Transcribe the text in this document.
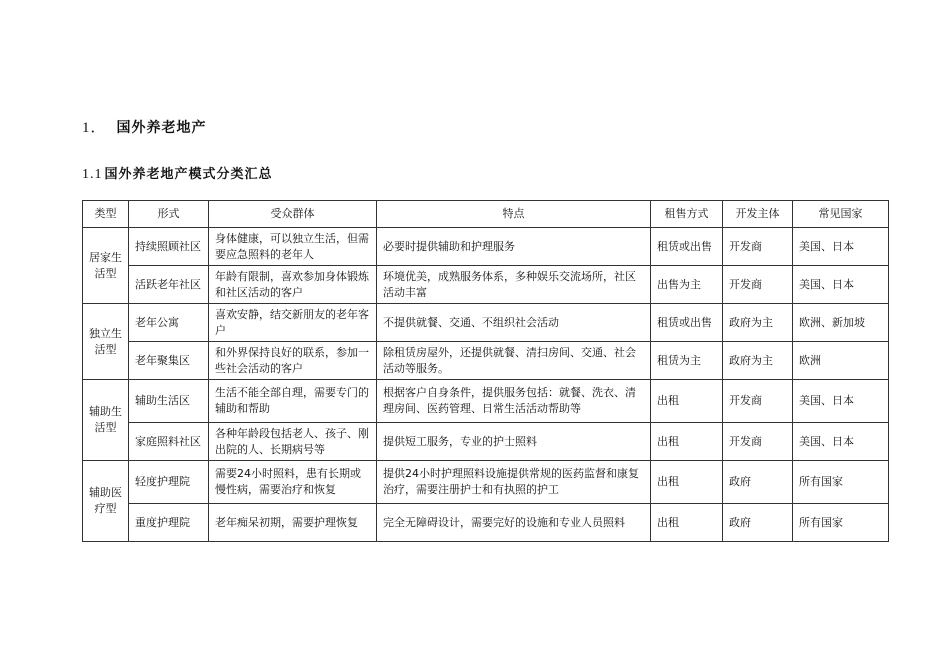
1． 国外养老地产
1.1 国外养老地产模式分类汇总
类型	形式	受众群体	特点	租售方式	开发主体	常见国家
居家生活型	持续照顾社区	身体健康，可以独立生活，但需要应急照料的老年人	必要时提供辅助和护理服务	租赁或出售	开发商	美国、日本
	活跃老年社区	年龄有限制，喜欢参加身体锻炼和社区活动的客户	环境优美，成熟服务体系，多种娱乐交流场所，社区活动丰富	出售为主	开发商	美国、日本
独立生活型	老年公寓	喜欢安静，结交新朋友的老年客户	不提供就餐、交通、不组织社会活动	租赁或出售	政府为主	欧洲、新加坡
	老年聚集区	和外界保持良好的联系，参加一些社会活动的客户	除租赁房屋外，还提供就餐、清扫房间、交通、社会活动等服务。	租赁为主	政府为主	欧洲
辅助生活型	辅助生活区	生活不能全部自理，需要专门的辅助和帮助	根据客户自身条件，提供服务包括：就餐、洗衣、清理房间、医药管理、日常生活活动帮助等	出租	开发商	美国、日本
	家庭照料社区	各种年龄段包括老人、孩子、刚出院的人、长期病号等	提供短工服务，专业的护士照料	出租	开发商	美国、日本
辅助医疗型	轻度护理院	需要24小时照料，患有长期或慢性病，需要治疗和恢复	提供24小时护理照料设施提供常规的医药监督和康复治疗，需要注册护士和有执照的护工	出租	政府	所有国家
	重度护理院	老年痴呆初期，需要护理恢复	完全无障碍设计，需要完好的设施和专业人员照料	出租	政府	所有国家
